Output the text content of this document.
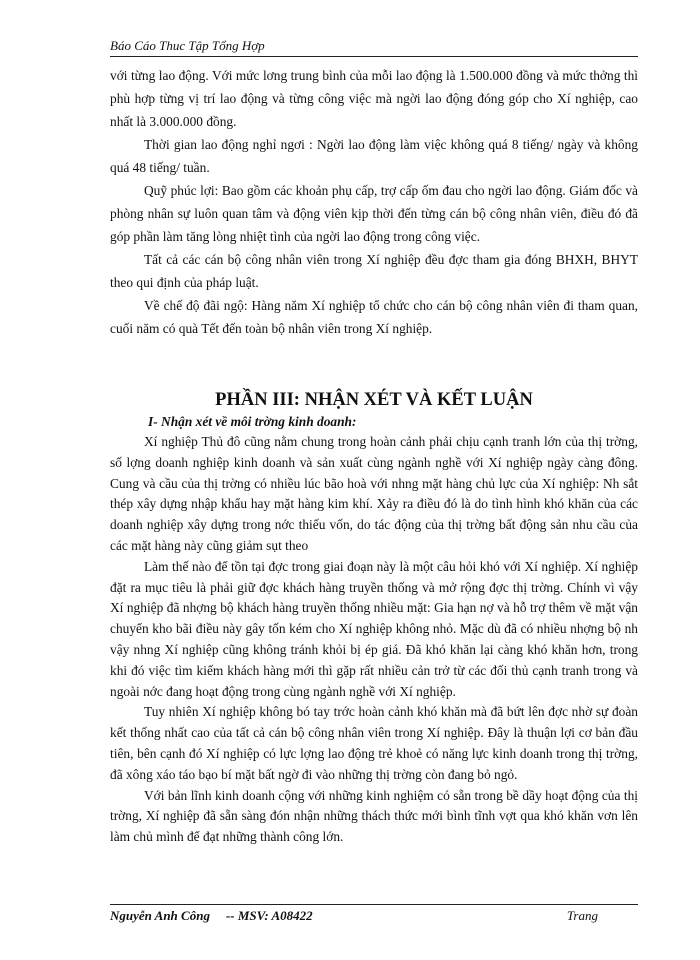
Báo Cáo Thuc Tập Tổng Hợp

với từng lao động. Với mức lơng trung bình của mỗi lao động là 1.500.000 đồng và mức thởng thì phù hợp từng vị trí lao động và từng công việc mà ngời lao động đóng góp cho Xí nghiệp, cao nhất là 3.000.000 đồng.

Thời gian lao động nghỉ ngơi : Ngời lao động làm việc không quá 8 tiếng/ ngày và không quá 48 tiếng/ tuần.

Quỹ phúc lợi: Bao gồm các khoản phụ cấp, trợ cấp ốm đau cho ngời lao động. Giám đốc và phòng nhân sự luôn quan tâm và động viên kịp thời đến từng cán bộ công nhân viên, điều đó đã góp phần làm tăng lòng nhiệt tình của ngời lao động trong công việc.

Tất cả các cán bộ công nhân viên trong Xí nghiệp đều đợc tham gia đóng BHXH, BHYT theo qui định của pháp luật.

Về chế độ đãi ngộ: Hàng năm Xí nghiệp tổ chức cho cán bộ công nhân viên đi tham quan, cuối năm có quà Tết đến toàn bộ nhân viên trong Xí nghiệp.

PHẦN III: NHẬN XÉT VÀ KẾT LUẬN
I- Nhận xét về môi trờng kinh doanh:

Xí nghiệp Thủ đô cũng nằm chung trong hoàn cảnh phải chịu cạnh tranh lớn của thị trờng, số lợng doanh nghiệp kinh doanh và sản xuất cùng ngành nghề với Xí nghiệp ngày càng đông. Cung và cầu của thị trờng có nhiều lúc bão hoà với nhng mặt hàng chủ lực của Xí nghiệp: Nh sắt thép xây dựng nhập khẩu hay mặt hàng kim khí. Xảy ra điều đó là do tình hình khó khăn của các doanh nghiệp xây dựng trong nớc thiếu vốn, do tác động của thị trờng bất động sản nhu cầu của các mặt hàng này cũng giảm sụt theo

Làm thế nào để tồn tại đợc trong giai đoạn này là một câu hỏi khó với Xí nghiệp. Xí nghiệp đặt ra mục tiêu là phải giữ đợc khách hàng truyền thống và mở rộng đợc thị trờng. Chính vì vậy Xí nghiệp đã nhợng bộ khách hàng truyền thống nhiều mặt: Gia hạn nợ và hỗ trợ thêm về mặt vận chuyển kho bãi điều này gây tốn kém cho Xí nghiệp không nhỏ. Mặc dù đã có nhiều nhợng bộ nh vậy nhng Xí nghiệp cũng không tránh khỏi bị ép giá. Đã khó khăn lại càng khó khăn hơn, trong khi đó việc tìm kiếm khách hàng mới thì gặp rất nhiều cản trở từ các đối thủ cạnh tranh trong và ngoài nớc đang hoạt động trong cùng ngành nghề với Xí nghiệp.

Tuy nhiên Xí nghiệp không bó tay trớc hoàn cảnh khó khăn mà đã bứt lên đợc nhờ sự đoàn kết thống nhất cao của tất cả cán bộ công nhân viên trong Xí nghiệp. Đây là thuận lợi cơ bản đầu tiên, bên cạnh đó Xí nghiệp có lực lợng lao động trẻ khoẻ có năng lực kinh doanh trong thị trờng, đã xông xáo táo bạo bí mặt bất ngờ đi vào những thị trờng còn đang bỏ ngỏ.

Với bản lĩnh kinh doanh cộng với những kinh nghiệm có sẵn trong bề dầy hoạt động của thị trờng, Xí nghiệp đã sẵn sàng đón nhận những thách thức mới bình tĩnh vợt qua khó khăn vơn lên làm chủ mình để đạt những thành công lớn.

Nguyễn Anh Công -- MSV: A08422	Trang
